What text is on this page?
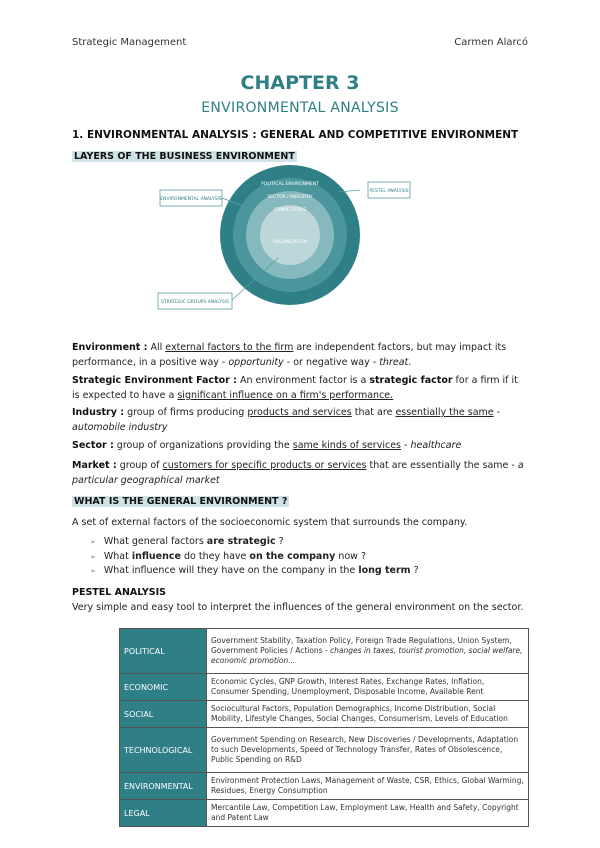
Strategic Management	Carmen Alarcó
CHAPTER 3
ENVIRONMENTAL ANALYSIS
1. ENVIRONMENTAL ANALYSIS : GENERAL AND COMPETITIVE ENVIRONMENT
LAYERS OF THE BUSINESS ENVIRONMENT
POLITICAL ENVIRONMENT
SECTOR / INDUSTRY
COMPETITORS
ORGANIZATION
ENVIRONMENTAL ANALYSIS
PESTEL ANALYSIS
STRATEGIC GROUPS ANALYSIS
Environment : All external factors to the firm are independent factors, but may impact its performance, in a positive way - opportunity - or negative way - threat.
Strategic Environment Factor : An environment factor is a strategic factor for a firm if it is expected to have a significant influence on a firm's performance.
Industry : group of firms producing products and services that are essentially the same - automobile industry
Sector : group of organizations providing the same kinds of services - healthcare
Market : group of customers for specific products or services that are essentially the same - a particular geographical market
WHAT IS THE GENERAL ENVIRONMENT ?
A set of external factors of the socioeconomic system that surrounds the company.
➢ What general factors are strategic ?
➢ What influence do they have on the company now ?
➢ What influence will they have on the company in the long term ?
PESTEL ANALYSIS
Very simple and easy tool to interpret the influences of the general environment on the sector.
POLITICAL	Government Stability, Taxation Policy, Foreign Trade Regulations, Union System, Government Policies / Actions - changes in taxes, tourist promotion, social welfare, economic promotion...
ECONOMIC	Economic Cycles, GNP Growth, Interest Rates, Exchange Rates, Inflation, Consumer Spending, Unemployment, Disposable Income, Available Rent
SOCIAL	Sociocultural Factors, Population Demographics, Income Distribution, Social Mobility, Lifestyle Changes, Social Changes, Consumerism, Levels of Education
TECHNOLOGICAL	Government Spending on Research, New Discoveries / Developments, Adaptation to such Developments, Speed of Technology Transfer, Rates of Obsolescence, Public Spending on R&D
ENVIRONMENTAL	Environment Protection Laws, Management of Waste, CSR, Ethics, Global Warming, Residues, Energy Consumption
LEGAL	Mercantile Law, Competition Law, Employment Law, Health and Safety, Copyright and Patent Law
